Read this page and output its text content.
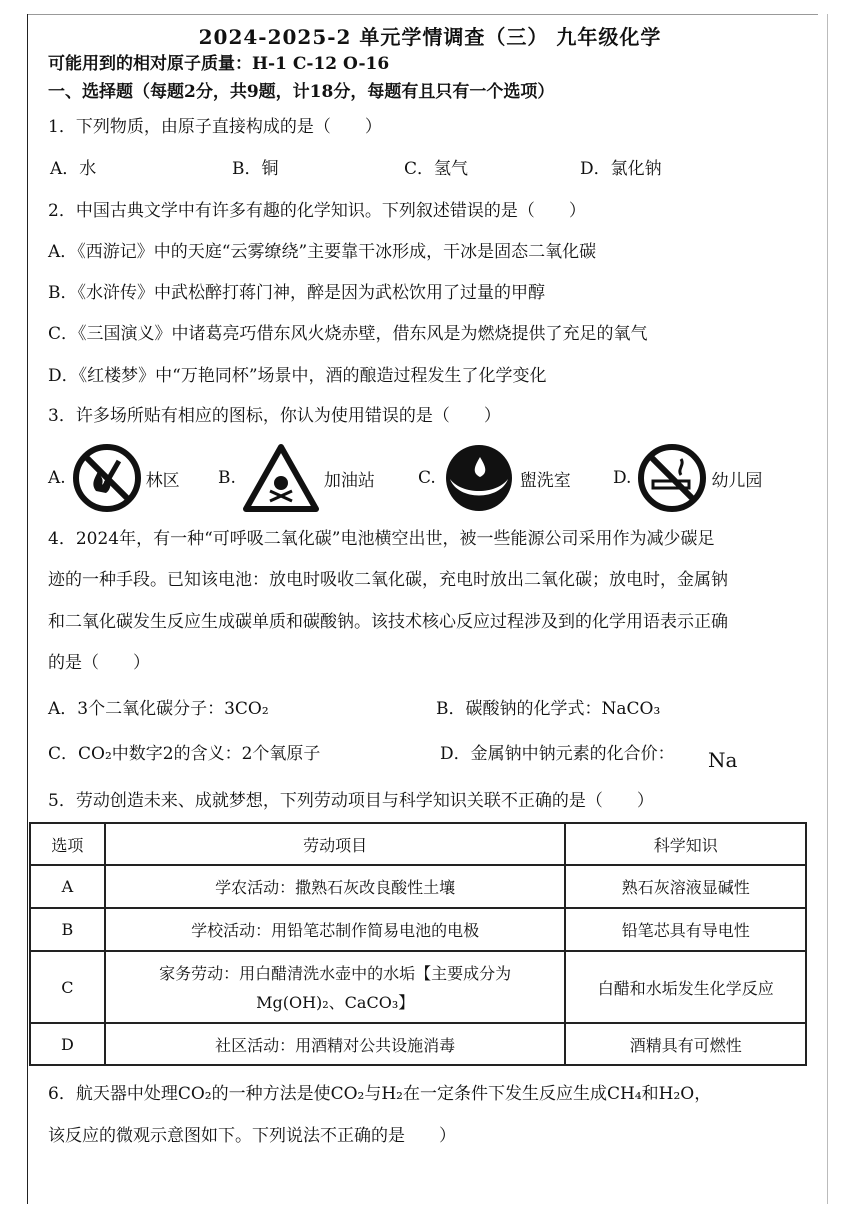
2024-2025-2 单元学情调查（三） 九年级化学
可能用到的相对原子质量：H-1 C-12 O-16
一、选择题（每题2分，共9题，计18分，每题有且只有一个选项）
1．下列物质，由原子直接构成的是（　　）
A．水	B．铜	C．氢气	D．氯化钠
2．中国古典文学中有许多有趣的化学知识。下列叙述错误的是（　　）
A．《西游记》中的天庭“云雾缭绕”主要靠干冰形成，干冰是固态二氧化碳
B．《水浒传》中武松醉打蒋门神，醉是因为武松饮用了过量的甲醇
C．《三国演义》中诸葛亮巧借东风火烧赤壁，借东风是为燃烧提供了充足的氧气
D．《红楼梦》中“万艳同杯”场景中，酒的酿造过程发生了化学变化
3．许多场所贴有相应的图标，你认为使用错误的是（　　）
A.	林区 B.	加油站	C.	盥洗室 D.	幼儿园
4．2024年，有一种“可呼吸二氧化碳”电池横空出世，被一些能源公司采用作为减少碳足
迹的一种手段。已知该电池：放电时吸收二氧化碳，充电时放出二氧化碳；放电时，金属钠
和二氧化碳发生反应生成碳单质和碳酸钠。该技术核心反应过程涉及到的化学用语表示正确
的是（　　）
A．3个二氧化碳分子：3CO₂	B．碳酸钠的化学式：NaCO₃
C．CO₂中数字2的含义：2个氧原子	D．金属钠中钠元素的化合价： Na
5．劳动创造未来、成就梦想，下列劳动项目与科学知识关联不正确的是（　　）
选项	劳动项目	科学知识
A	学农活动：撒熟石灰改良酸性土壤	熟石灰溶液显碱性
B	学校活动：用铅笔芯制作简易电池的电极	铅笔芯具有导电性
C	家务劳动：用白醋清洗水壶中的水垢【主要成分为
Mg(OH)₂、CaCO₃】	白醋和水垢发生化学反应
D	社区活动：用酒精对公共设施消毒	酒精具有可燃性
6．航天器中处理CO₂的一种方法是使CO₂与H₂在一定条件下发生反应生成CH₄和H₂O，
该反应的微观示意图如下。下列说法不正确的是　　）
